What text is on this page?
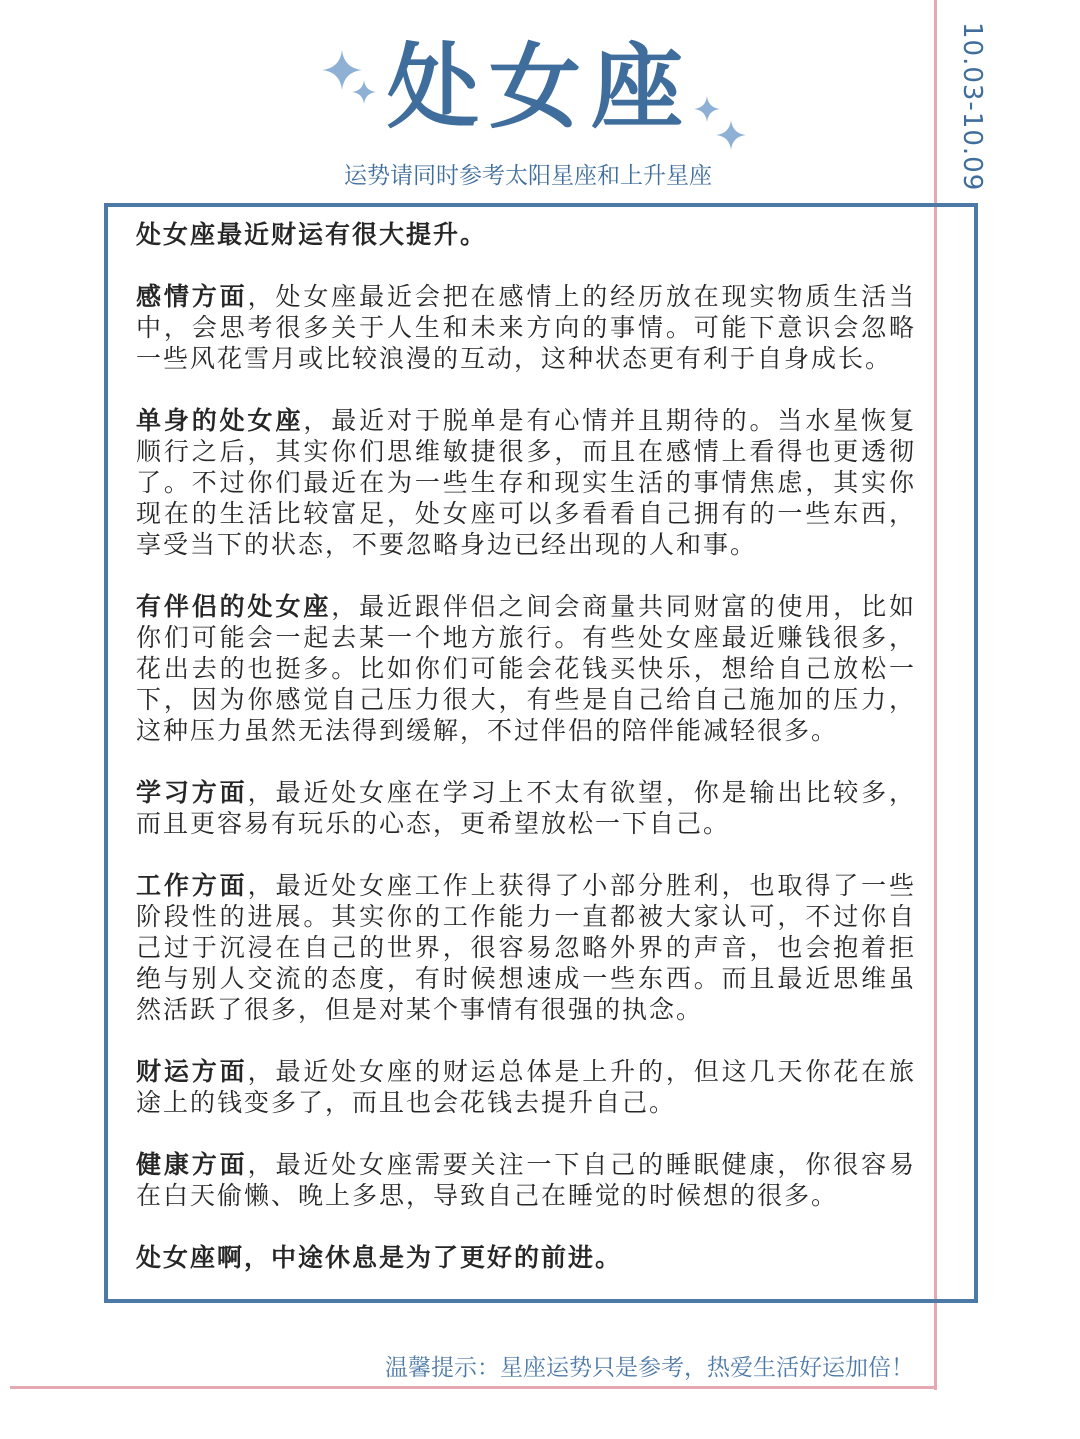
10.03-10.09
处女座
运势请同时参考太阳星座和上升星座

处女座最近财运有很大提升。

感情方面，处女座最近会把在感情上的经历放在现实物质生活当中，会思考很多关于人生和未来方向的事情。可能下意识会忽略一些风花雪月或比较浪漫的互动，这种状态更有利于自身成长。

单身的处女座，最近对于脱单是有心情并且期待的。当水星恢复顺行之后，其实你们思维敏捷很多，而且在感情上看得也更透彻了。不过你们最近在为一些生存和现实生活的事情焦虑，其实你现在的生活比较富足，处女座可以多看看自己拥有的一些东西，享受当下的状态，不要忽略身边已经出现的人和事。

有伴侣的处女座，最近跟伴侣之间会商量共同财富的使用，比如你们可能会一起去某一个地方旅行。有些处女座最近赚钱很多，花出去的也挺多。比如你们可能会花钱买快乐，想给自己放松一下，因为你感觉自己压力很大，有些是自己给自己施加的压力，这种压力虽然无法得到缓解，不过伴侣的陪伴能减轻很多。

学习方面，最近处女座在学习上不太有欲望，你是输出比较多，而且更容易有玩乐的心态，更希望放松一下自己。

工作方面，最近处女座工作上获得了小部分胜利，也取得了一些阶段性的进展。其实你的工作能力一直都被大家认可，不过你自己过于沉浸在自己的世界，很容易忽略外界的声音，也会抱着拒绝与别人交流的态度，有时候想速成一些东西。而且最近思维虽然活跃了很多，但是对某个事情有很强的执念。

财运方面，最近处女座的财运总体是上升的，但这几天你花在旅途上的钱变多了，而且也会花钱去提升自己。

健康方面，最近处女座需要关注一下自己的睡眠健康，你很容易在白天偷懒、晚上多思，导致自己在睡觉的时候想的很多。

处女座啊，中途休息是为了更好的前进。

温馨提示：星座运势只是参考，热爱生活好运加倍！
